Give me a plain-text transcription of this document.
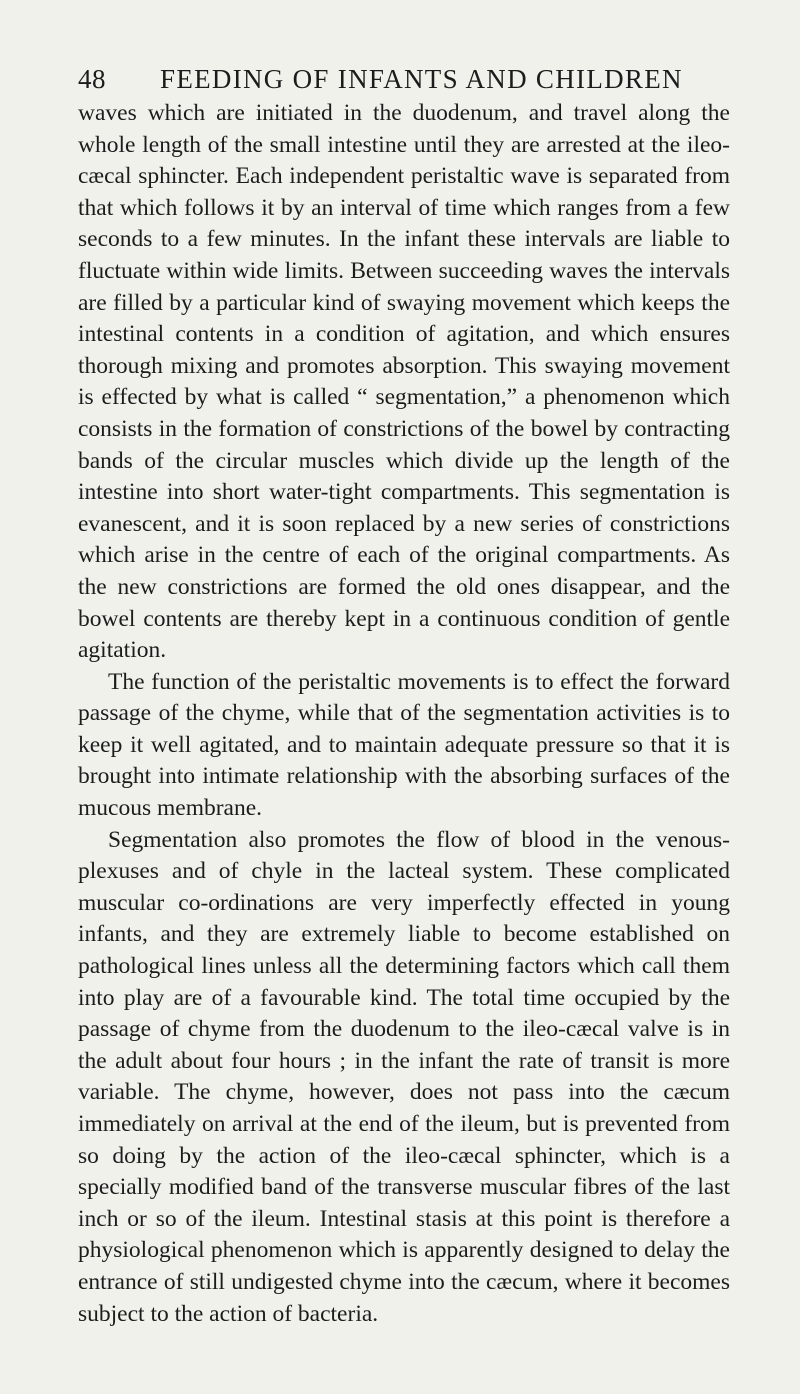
48 FEEDING OF INFANTS AND CHILDREN

waves which are initiated in the duodenum, and travel along the whole length of the small intestine until they are arrested at the ileo-cæcal sphincter. Each independent peristaltic wave is separated from that which follows it by an interval of time which ranges from a few seconds to a few minutes. In the infant these intervals are liable to fluctuate within wide limits. Between succeeding waves the intervals are filled by a particular kind of swaying movement which keeps the intestinal contents in a condition of agitation, and which ensures thorough mixing and promotes absorption. This swaying movement is effected by what is called “ segmentation,” a phenomenon which consists in the formation of constrictions of the bowel by contracting bands of the circular muscles which divide up the length of the intestine into short water-tight compartments. This segmentation is evanescent, and it is soon replaced by a new series of constrictions which arise in the centre of each of the original compartments. As the new constrictions are formed the old ones disappear, and the bowel contents are thereby kept in a continuous condition of gentle agitation.

The function of the peristaltic movements is to effect the forward passage of the chyme, while that of the segmentation activities is to keep it well agitated, and to maintain adequate pressure so that it is brought into intimate relationship with the absorbing surfaces of the mucous membrane.

Segmentation also promotes the flow of blood in the venous-plexuses and of chyle in the lacteal system. These complicated muscular co-ordinations are very imperfectly effected in young infants, and they are extremely liable to become established on pathological lines unless all the determining factors which call them into play are of a favourable kind. The total time occupied by the passage of chyme from the duodenum to the ileo-cæcal valve is in the adult about four hours ; in the infant the rate of transit is more variable. The chyme, however, does not pass into the cæcum immediately on arrival at the end of the ileum, but is prevented from so doing by the action of the ileo-cæcal sphincter, which is a specially modified band of the transverse muscular fibres of the last inch or so of the ileum. Intestinal stasis at this point is therefore a physiological phenomenon which is apparently designed to delay the entrance of still undigested chyme into the cæcum, where it becomes subject to the action of bacteria.
